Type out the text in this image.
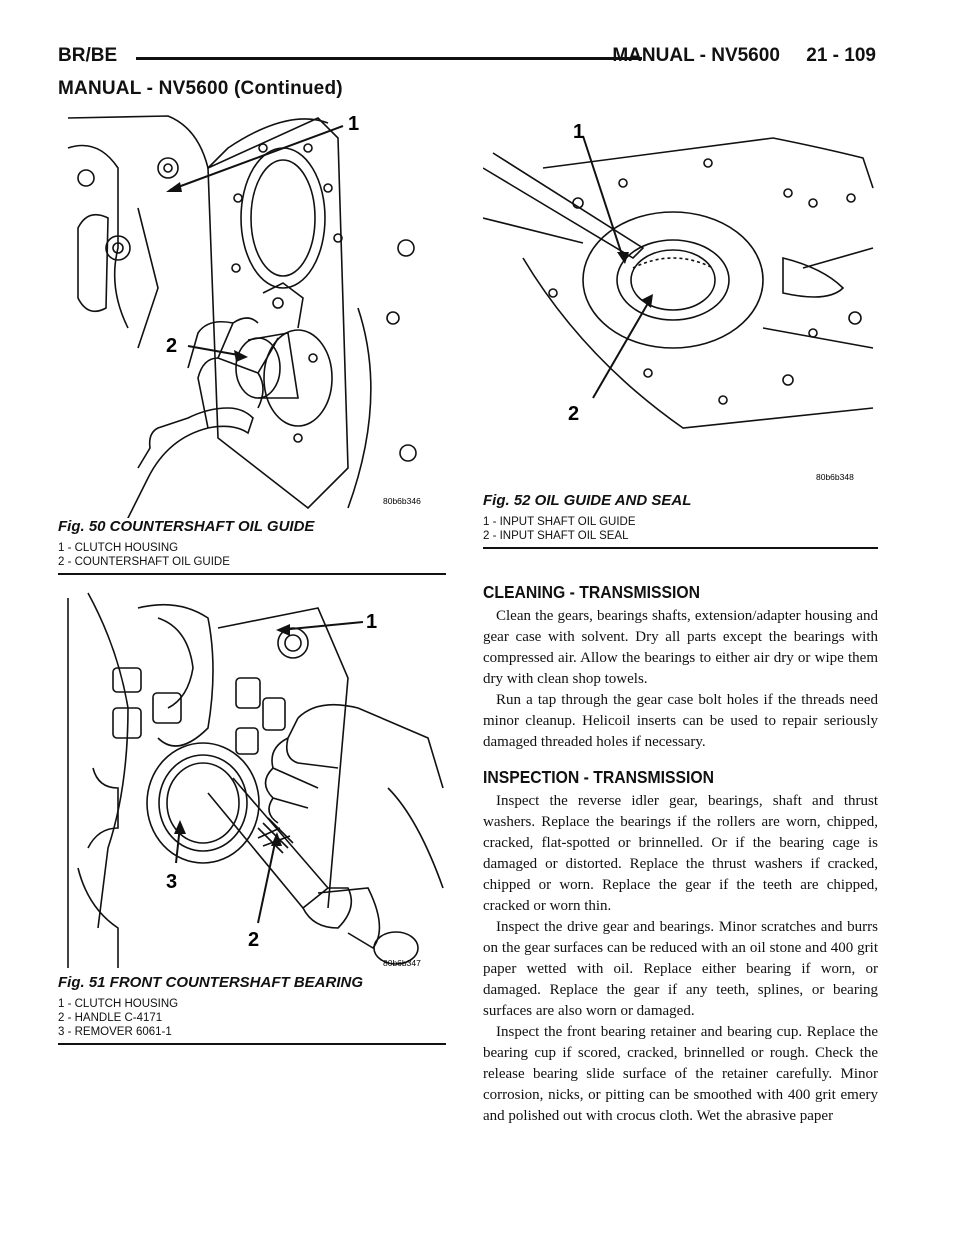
BR/BE	MANUAL - NV5600     21 - 109
MANUAL - NV5600 (Continued)
1
2
80b6b346
Fig. 50 COUNTERSHAFT OIL GUIDE
1 - CLUTCH HOUSING
2 - COUNTERSHAFT OIL GUIDE
1
3
2
80b6b347
Fig. 51 FRONT COUNTERSHAFT BEARING
1 - CLUTCH HOUSING
2 - HANDLE C-4171
3 - REMOVER 6061-1
1
2
80b6b348
Fig. 52 OIL GUIDE AND SEAL
1 - INPUT SHAFT OIL GUIDE
2 - INPUT SHAFT OIL SEAL
CLEANING - TRANSMISSION

Clean the gears, bearings shafts, extension/adapter housing and gear case with solvent. Dry all parts except the bearings with compressed air. Allow the bearings to either air dry or wipe them dry with clean shop towels.

Run a tap through the gear case bolt holes if the threads need minor cleanup. Helicoil inserts can be used to repair seriously damaged threaded holes if necessary.

INSPECTION - TRANSMISSION

Inspect the reverse idler gear, bearings, shaft and thrust washers. Replace the bearings if the rollers are worn, chipped, cracked, flat-spotted or brinnelled. Or if the bearing cage is damaged or distorted. Replace the thrust washers if cracked, chipped or worn. Replace the gear if the teeth are chipped, cracked or worn thin.

Inspect the drive gear and bearings. Minor scratches and burrs on the gear surfaces can be reduced with an oil stone and 400 grit paper wetted with oil. Replace either bearing if worn, or damaged. Replace the gear if any teeth, splines, or bearing surfaces are also worn or damaged.

Inspect the front bearing retainer and bearing cup. Replace the bearing cup if scored, cracked, brinnelled or rough. Check the release bearing slide surface of the retainer carefully. Minor corrosion, nicks, or pitting can be smoothed with 400 grit emery and polished out with crocus cloth. Wet the abrasive paper
